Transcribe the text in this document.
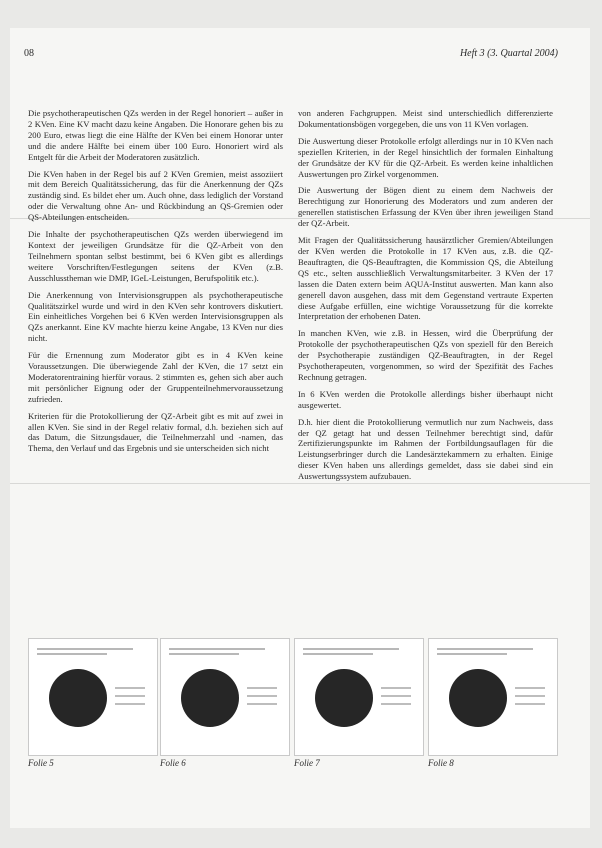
08	Heft 3 (3. Quartal 2004)

Die psychotherapeutischen QZs werden in der Regel honoriert – außer in 2 KVen. Eine KV macht dazu keine Angaben. Die Honorare gehen bis zu 200 Euro, etwas liegt die eine Hälfte der KVen bei einem Honorar unter und die andere Hälfte bei einem über 100 Euro. Honoriert wird als Entgelt für die Arbeit der Moderatoren zusätzlich.

Die KVen haben in der Regel bis auf 2 KVen Gremien, meist assoziiert mit dem Bereich Qualitätssicherung, das für die Anerkennung der QZs zuständig sind. Es bildet eher um. Auch ohne, dass lediglich der Vorstand oder die Verwaltung ohne An- und Rückbindung an QS-Gremien oder QS-Abteilungen entscheiden.

Die Inhalte der psychotherapeutischen QZs werden überwiegend im Kontext der jeweiligen Grundsätze für die QZ-Arbeit von den Teilnehmern spontan selbst bestimmt, bei 6 KVen gibt es allerdings weitere Vorschriften/Festlegungen seitens der KVen (z.B. Ausschlusstheman wie DMP, IGeL-Leistungen, Berufspolitik etc.).

Die Anerkennung von Intervisionsgruppen als psychotherapeutische Qualitätszirkel wurde und wird in den KVen sehr kontrovers diskutiert. Ein einheitliches Vorgehen bei 6 KVen werden Intervisionsgruppen als QZs anerkannt. Eine KV machte hierzu keine Angabe, 13 KVen nur dies nicht.

Für die Ernennung zum Moderator gibt es in 4 KVen keine Voraussetzungen. Die überwiegende Zahl der KVen, die 17 setzt ein Moderatorentraining hierfür voraus. 2 stimmten es, gehen sich aber auch mit persönlicher Eignung oder der Gruppenteilnehmervoraussetzung zufrieden.

Kriterien für die Protokollierung der QZ-Arbeit gibt es mit auf zwei in allen KVen. Sie sind in der Regel relativ formal, d.h. beziehen sich auf das Datum, die Sitzungsdauer, die Teilnehmerzahl und -namen, das Thema, den Verlauf und das Ergebnis und sie unterscheiden sich nicht

von anderen Fachgruppen. Meist sind unterschiedlich differenzierte Dokumentationsbögen vorgegeben, die uns von 11 KVen vorlagen.

Die Auswertung dieser Protokolle erfolgt allerdings nur in 10 KVen nach speziellen Kriterien, in der Regel hinsichtlich der formalen Einhaltung der Grundsätze der KV für die QZ-Arbeit. Es werden keine inhaltlichen Auswertungen pro Zirkel vorgenommen.

Die Auswertung der Bögen dient zu einem dem Nachweis der Berechtigung zur Honorierung des Moderators und zum anderen der generellen statistischen Erfassung der KVen über ihren jeweiligen Stand der QZ-Arbeit.

Mit Fragen der Qualitätssicherung hausärztlicher Gremien/Abteilungen der KVen werden die Protokolle in 17 KVen aus, z.B. die QZ-Beauftragten, die QS-Beauftragten, die Kommission QS, die Abteilung QS etc., selten ausschließlich Verwaltungsmitarbeiter. 3 KVen der 17 lassen die Daten extern beim AQUA-Institut auswerten. Man kann also generell davon ausgehen, dass mit dem Gegenstand vertraute Experten diese Aufgabe erfüllen, eine wichtige Voraussetzung für die korrekte Interpretation der erhobenen Daten.

In manchen KVen, wie z.B. in Hessen, wird die Überprüfung der Protokolle der psychotherapeutischen QZs von speziell für den Bereich der Psychotherapie zuständigen QZ-Beauftragten, in der Regel Psychotherapeuten, vorgenommen, so wird der Spezifität des Faches Rechnung getragen.

In 6 KVen werden die Protokolle allerdings bisher überhaupt nicht ausgewertet.

D.h. hier dient die Protokollierung vermutlich nur zum Nachweis, dass der QZ getagt hat und dessen Teilnehmer berechtigt sind, dafür Zertifizierungspunkte im Rahmen der Fortbildungsauflagen für die Leistungserbringer durch die Landesärztekammern zu erhalten. Einige dieser KVen haben uns allerdings gemeldet, dass sie dabei sind ein Auswertungssystem aufzubauen.

Folie 5	Folie 6	Folie 7	Folie 8
